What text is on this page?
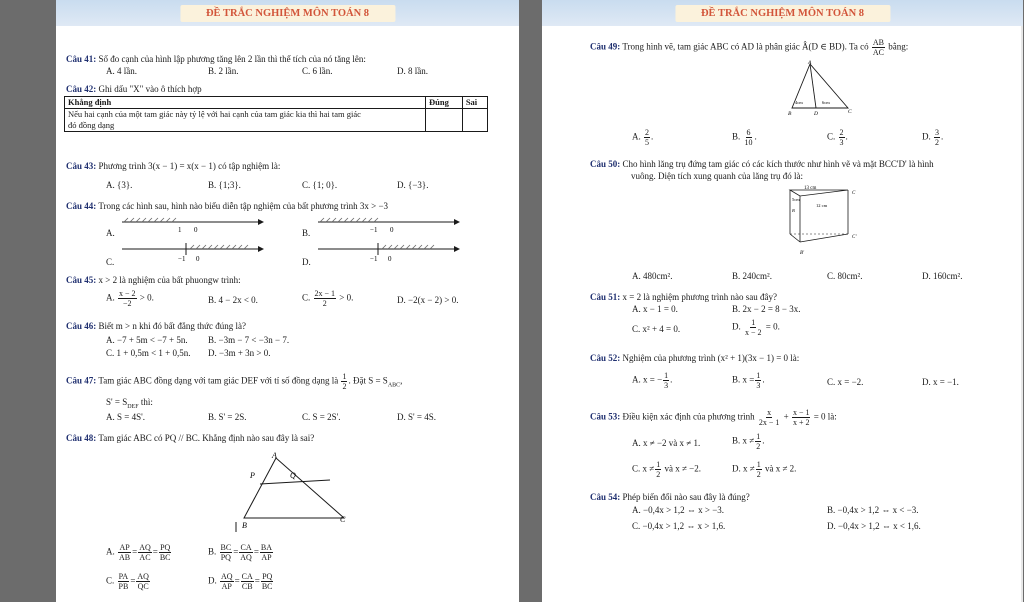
ĐỀ TRẮC NGHIỆM MÔN TOÁN 8
Câu 41: Số đo cạnh của hình lập phương tăng lên 2 lần thì thể tích của nó tăng lên:
A. 4 lần.	B. 2 lần.	C. 6 lần.	D. 8 lần.
Câu 42: Ghi dấu "X" vào ô thích hợp
Khẳng định	Đúng	Sai
Nếu hai cạnh của một tam giác này tỷ lệ với hai cạnh của tam giác kia thì hai tam giác
đó đồng dạng		
Câu 43: Phương trình 3(x − 1) = x(x − 1) có tập nghiệm là:
A. {3}.	B. {1;3}.	C. {1; 0}.	D. {−3}.
Câu 44: Trong các hình sau, hình nào biểu diễn tập nghiệm của bất phương trình 3x > −3
A.	B.
C.	D.
1 0	−1 0
−1 0	−1 0
Câu 45: x > 2 là nghiệm của bất phuongw trình:
A. $\frac{x - 2}{-2} > 0$.	B. 4 − 2x < 0.	C. $\frac{2x - 1}{2} > 0$.	D. −2(x − 2) > 0.
Câu 46: Biết m > n khi đó bất đẳng thức đúng là?
A. −7 + 5m < −7 + 5n. B. −3m − 7 < −3n − 7.
C. 1 + 0,5m < 1 + 0,5n. D. −3m + 3n > 0.
Câu 47: Tam giác ABC đồng dạng với tam giác DEF với tỉ số đồng dạng là $\frac{1}{2}$ . Đặt $S = S_{ABC}$,
$S' = S_{DEF}$ thì:
A. S = 4S'.	B. S' = 2S.	C. S = 2S'.	D. S' = 4S.
Câu 48: Tam giác ABC có PQ // BC. Khẳng định nào sau đây là sai?
A
P	Q
B
C
A. $\frac{AP}{AB} = \frac{AQ}{AC} = \frac{PQ}{BC}$	B. $\frac{BC}{PQ} = \frac{CA}{AQ} = \frac{BA}{AP}$
C. $\frac{PA}{PB} = \frac{AQ}{QC}$	D. $\frac{AQ}{AP} = \frac{CA}{CB} = \frac{PQ}{BC}$
ĐỀ TRẮC NGHIỆM MÔN TOÁN 8
Câu 49: Trong hình vẽ, tam giác ABC có AD là phân giác Â(D ∈ BD). Ta có $\frac{AB}{AC}$ bằng:
A
B	D	C
4cm	6cm
A. $\frac{2}{5}$ .	B. $\frac{6}{10}$ .	C. $\frac{2}{3}$ .	D. $\frac{3}{2}$ .
Câu 50: Cho hình lăng trụ đứng tam giác có các kích thước như hình vẽ và mặt BCC'D' là hình
vuông. Diện tích xung quanh của lăng trụ đó là:
13 cm
5cm
12 cm
B
C
C'
B'
A. 480cm².	B. 240cm².	C. 80cm².	D. 160cm².
Câu 51: x = 2 là nghiệm phương trình nào sau đây?
A. x − 1 = 0.	B. 2x − 2 = 8 − 3x.
C. x² + 4 = 0.	D. $\frac{1}{x - 2} = 0$.
Câu 52: Nghiệm của phương trình (x² + 1)(3x − 1) = 0 là:
A. x = − $\frac{1}{3}$ .	B. $x = \frac{1}{3}$ .	C. x = −2.	D. x = −1.
Câu 53: Điều kiện xác định của phương trình $\frac{x}{2x - 1} + \frac{x - 1}{x + 2} = 0$ là:
A. x ≠ −2 và x ≠ 1.	B. $x \ne \frac{1}{2}$ .
C. $x \ne \frac{1}{2}$ và x ≠ −2.	D. $x \ne \frac{1}{2}$ và x ≠ 2.
Câu 54: Phép biến đổi nào sau đây là đúng?
A. −0,4x > 1,2 ⇔ x > −3.	B. −0,4x > 1,2 ⇔ x < −3.
C. −0,4x > 1,2 ⇔ x > 1,6.	D. −0,4x > 1,2 ⇔ x < 1,6.
